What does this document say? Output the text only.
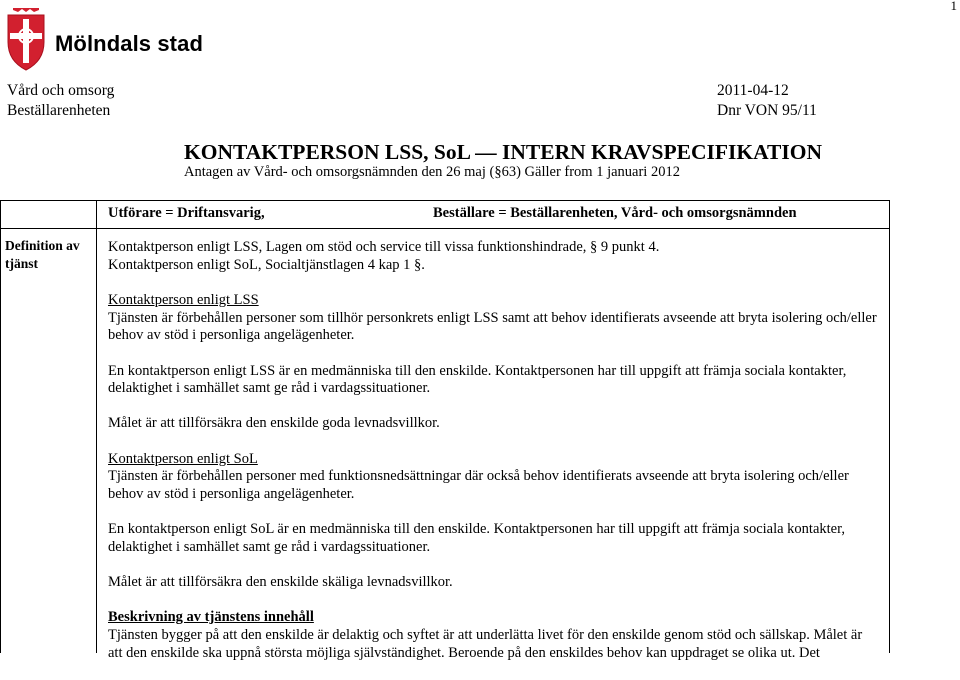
1
Mölndals stad
Vård och omsorg
Beställarenheten
2011-04-12
Dnr VON 95/11
KONTAKTPERSON LSS, SoL — INTERN KRAVSPECIFIKATION
Antagen av Vård- och omsorgsnämnden den 26 maj (§63) Gäller from 1 januari 2012
Utförare = Driftansvarig,	Beställare = Beställarenheten, Vård- och omsorgsnämnden
Definition av tjänst

Kontaktperson enligt LSS, Lagen om stöd och service till vissa funktionshindrade, § 9 punkt 4.
Kontaktperson enligt SoL, Socialtjänstlagen 4 kap 1 §.

Kontaktperson enligt LSS
Tjänsten är förbehållen personer som tillhör personkrets enligt LSS samt att behov identifierats avseende att bryta isolering och/eller behov av stöd i personliga angelägenheter.

En kontaktperson enligt LSS är en medmänniska till den enskilde. Kontaktpersonen har till uppgift att främja sociala kontakter, delaktighet i samhället samt ge råd i vardagssituationer.

Målet är att tillförsäkra den enskilde goda levnadsvillkor.

Kontaktperson enligt SoL
Tjänsten är förbehållen personer med funktionsnedsättningar där också behov identifierats avseende att bryta isolering och/eller behov av stöd i personliga angelägenheter.

En kontaktperson enligt SoL är en medmänniska till den enskilde. Kontaktpersonen har till uppgift att främja sociala kontakter, delaktighet i samhället samt ge råd i vardagssituationer.

Målet är att tillförsäkra den enskilde skäliga levnadsvillkor.

Beskrivning av tjänstens innehåll
Tjänsten bygger på att den enskilde är delaktig och syftet är att underlätta livet för den enskilde genom stöd och sällskap. Målet är att den enskilde ska uppnå största möjliga självständighet. Beroende på den enskildes behov kan uppdraget se olika ut. Det
